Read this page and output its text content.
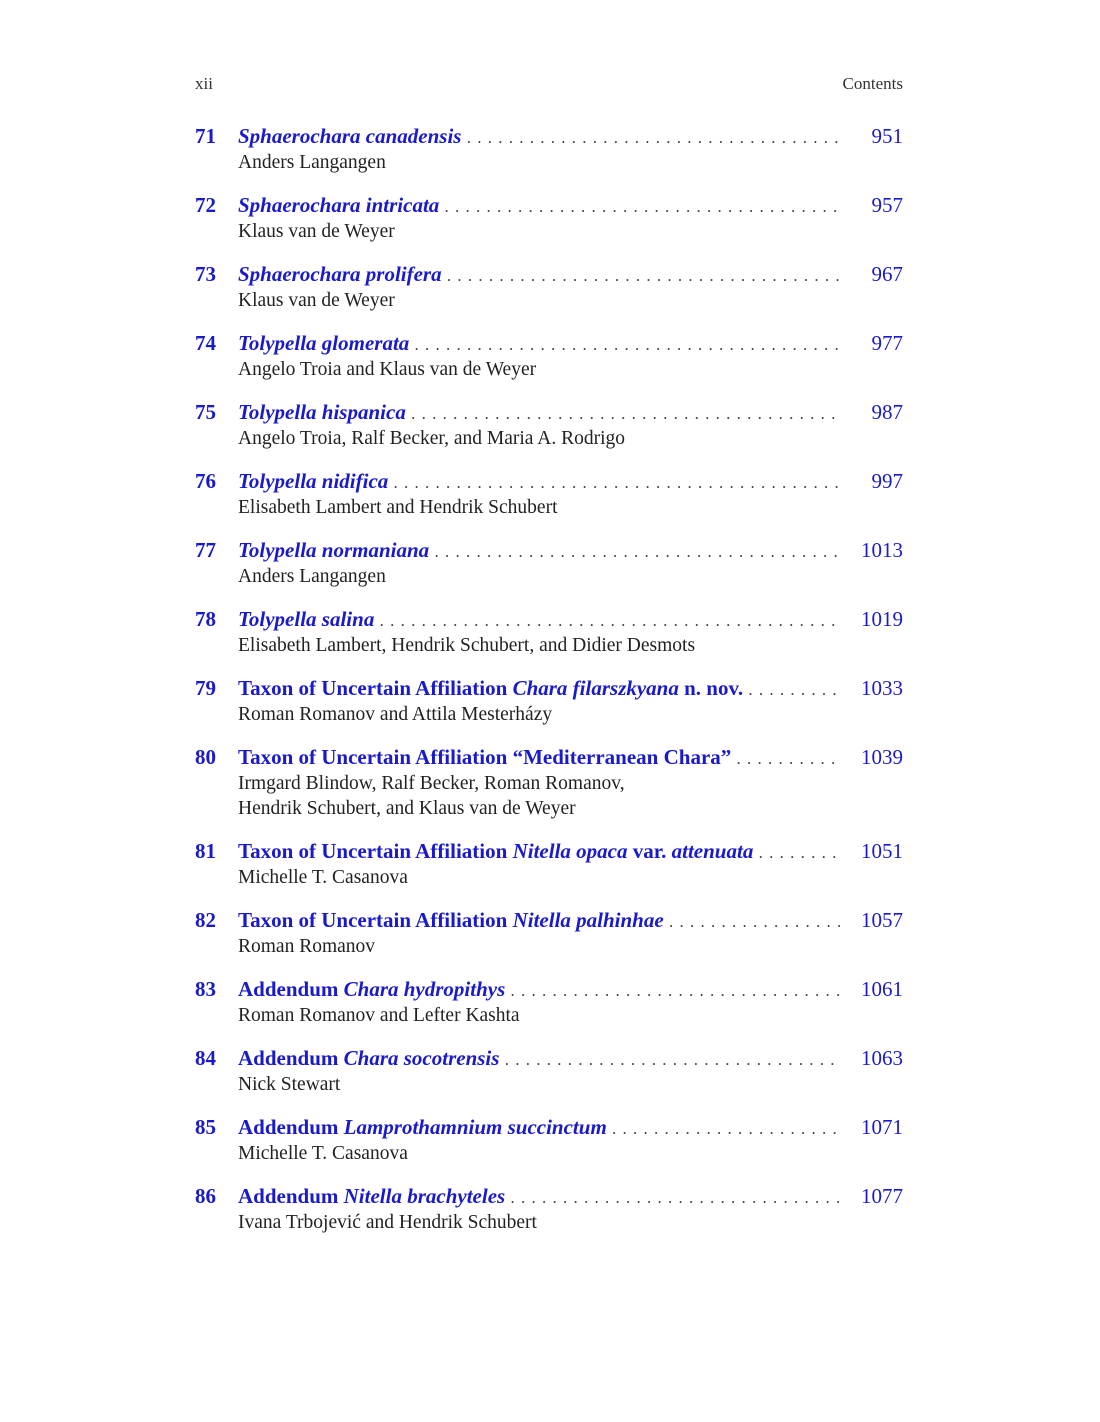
xii	Contents
71 Sphaerochara canadensis . . .	951
Anders Langangen
72 Sphaerochara intricata . . .	957
Klaus van de Weyer
73 Sphaerochara prolifera . . .	967
Klaus van de Weyer
74 Tolypella glomerata . . .	977
Angelo Troia and Klaus van de Weyer
75 Tolypella hispanica . . .	987
Angelo Troia, Ralf Becker, and Maria A. Rodrigo
76 Tolypella nidifica . . .	997
Elisabeth Lambert and Hendrik Schubert
77 Tolypella normaniana . . .	1013
Anders Langangen
78 Tolypella salina . . .	1019
Elisabeth Lambert, Hendrik Schubert, and Didier Desmots
79 Taxon of Uncertain Affiliation Chara filarszkyana n. nov. . . .	1033
Roman Romanov and Attila Mesterházy
80 Taxon of Uncertain Affiliation “Mediterranean Chara” . . .	1039
Irmgard Blindow, Ralf Becker, Roman Romanov,
Hendrik Schubert, and Klaus van de Weyer
81 Taxon of Uncertain Affiliation Nitella opaca var. attenuata . . .	1051
Michelle T. Casanova
82 Taxon of Uncertain Affiliation Nitella palhinhae . . .	1057
Roman Romanov
83 Addendum Chara hydropithys . . .	1061
Roman Romanov and Lefter Kashta
84 Addendum Chara socotrensis . . .	1063
Nick Stewart
85 Addendum Lamprothamnium succinctum . . .	1071
Michelle T. Casanova
86 Addendum Nitella brachyteles . . .	1077
Ivana Trbojević and Hendrik Schubert
